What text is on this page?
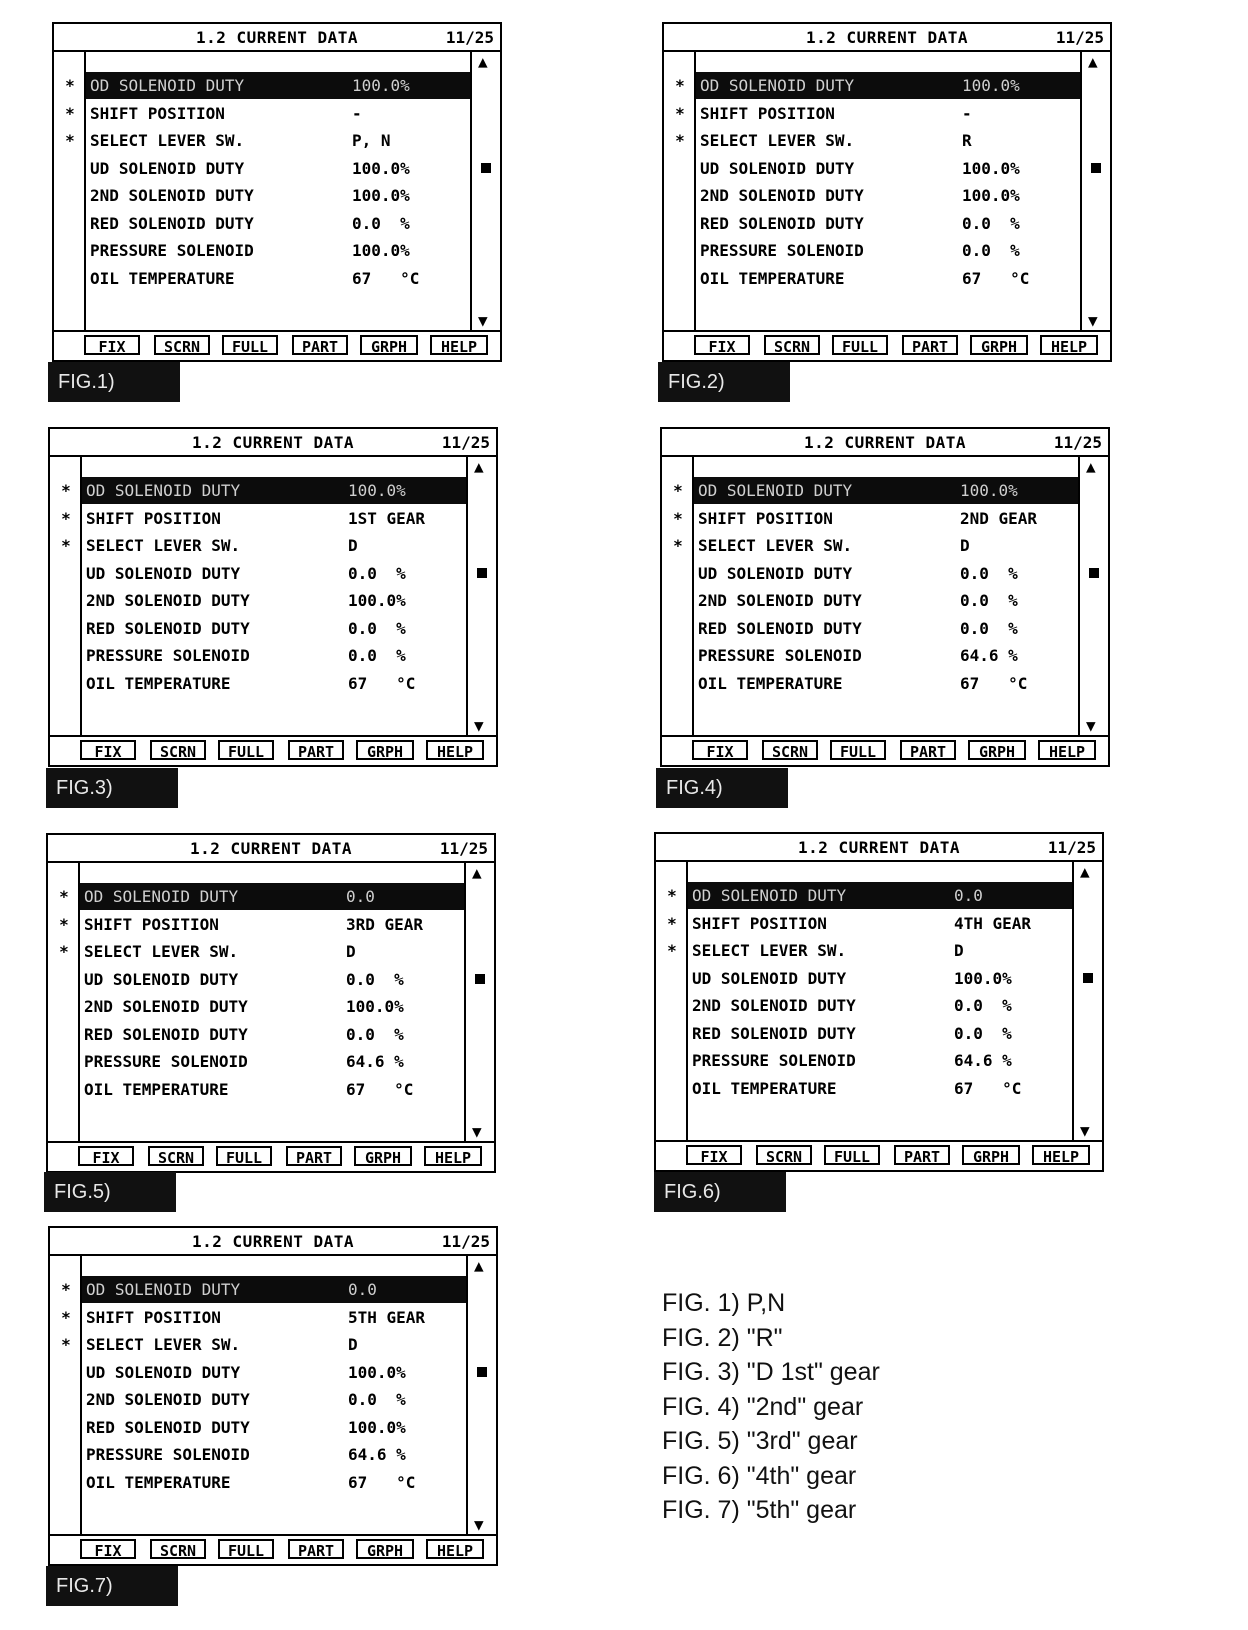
1.2 CURRENT DATA	11/25
*
*
*
▲
▼
OD SOLENOID DUTY	100.0%
SHIFT POSITION	-
SELECT LEVER SW.	P, N
UD SOLENOID DUTY	100.0%
2ND SOLENOID DUTY	100.0%
RED SOLENOID DUTY	0.0  %
PRESSURE SOLENOID	100.0%
OIL TEMPERATURE	67   °C
FIX	SCRN	FULL	PART	GRPH	HELP
FIG.1)
1.2 CURRENT DATA	11/25
*
*
*
▲
▼
OD SOLENOID DUTY	100.0%
SHIFT POSITION	-
SELECT LEVER SW.	R
UD SOLENOID DUTY	100.0%
2ND SOLENOID DUTY	100.0%
RED SOLENOID DUTY	0.0  %
PRESSURE SOLENOID	0.0  %
OIL TEMPERATURE	67   °C
FIX	SCRN	FULL	PART	GRPH	HELP
FIG.2)
1.2 CURRENT DATA	11/25
*
*
*
▲
▼
OD SOLENOID DUTY	100.0%
SHIFT POSITION	1ST GEAR
SELECT LEVER SW.	D
UD SOLENOID DUTY	0.0  %
2ND SOLENOID DUTY	100.0%
RED SOLENOID DUTY	0.0  %
PRESSURE SOLENOID	0.0  %
OIL TEMPERATURE	67   °C
FIX	SCRN	FULL	PART	GRPH	HELP
FIG.3)
1.2 CURRENT DATA	11/25
*
*
*
▲
▼
OD SOLENOID DUTY	100.0%
SHIFT POSITION	2ND GEAR
SELECT LEVER SW.	D
UD SOLENOID DUTY	0.0  %
2ND SOLENOID DUTY	0.0  %
RED SOLENOID DUTY	0.0  %
PRESSURE SOLENOID	64.6 %
OIL TEMPERATURE	67   °C
FIX	SCRN	FULL	PART	GRPH	HELP
FIG.4)
1.2 CURRENT DATA	11/25
*
*
*
▲
▼
OD SOLENOID DUTY	0.0
SHIFT POSITION	3RD GEAR
SELECT LEVER SW.	D
UD SOLENOID DUTY	0.0  %
2ND SOLENOID DUTY	100.0%
RED SOLENOID DUTY	0.0  %
PRESSURE SOLENOID	64.6 %
OIL TEMPERATURE	67   °C
FIX	SCRN	FULL	PART	GRPH	HELP
FIG.5)
1.2 CURRENT DATA	11/25
*
*
*
▲
▼
OD SOLENOID DUTY	0.0
SHIFT POSITION	4TH GEAR
SELECT LEVER SW.	D
UD SOLENOID DUTY	100.0%
2ND SOLENOID DUTY	0.0  %
RED SOLENOID DUTY	0.0  %
PRESSURE SOLENOID	64.6 %
OIL TEMPERATURE	67   °C
FIX	SCRN	FULL	PART	GRPH	HELP
FIG.6)
1.2 CURRENT DATA	11/25
*
*
*
▲
▼
OD SOLENOID DUTY	0.0
SHIFT POSITION	5TH GEAR
SELECT LEVER SW.	D
UD SOLENOID DUTY	100.0%
2ND SOLENOID DUTY	0.0  %
RED SOLENOID DUTY	100.0%
PRESSURE SOLENOID	64.6 %
OIL TEMPERATURE	67   °C
FIX	SCRN	FULL	PART	GRPH	HELP
FIG.7)
FIG. 1) P,N
FIG. 2) "R"
FIG. 3) "D 1st" gear
FIG. 4) "2nd" gear
FIG. 5) "3rd" gear
FIG. 6) "4th" gear
FIG. 7) "5th" gear
